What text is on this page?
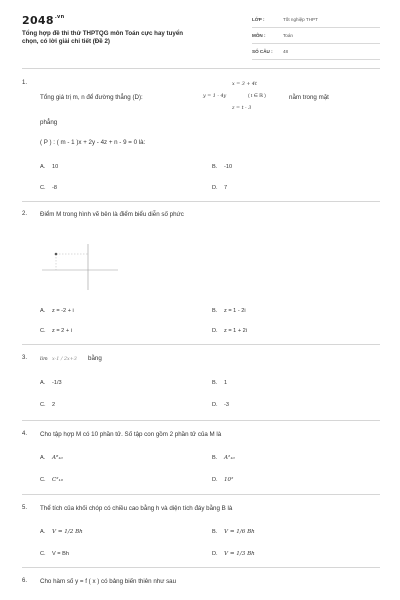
$2048^{.vn}$
Tổng hợp đề thi thử THPTQG môn Toán cực hay tuyển
chọn, có lời giải chi tiết (Đề 2)
LỚP :	Tốt nghiệp THPT
MÔN :	Toán
SỐ CÂU : 48
1.	x = 3 + 4t
Tổng giá trị m, n để đường thẳng (D):	y = 1 - 4y	( t ∈ ℝ )	nằm trong mặt
z = t - 3
phẳng
( P ) : ( m - 1 )x + 2y - 4z + n - 9 = 0 là:
A. 10	B. -10
C. -8	D. 7
2. Điểm M trong hình vẽ bên là điểm biểu diễn số phức
A. z = -2 + i	B. z = 1 - 2i
C. z = 2 + i	D. z = 1 + 2i
3.	lim x-1 / 2x+3 bằng
A. -1/3	B. 1
C. 2	D. -3
4. Cho tập hợp M có 10 phần tử. Số tập con gồm 2 phần tử của M là
A. A⁸₁₀	B. A²₁₀
C. C²₁₀	D. 10²
5. Thể tích của khối chóp có chiều cao bằng h và diện tích đáy bằng B là
A. V = 1/2 Bh	B. V = 1/6 Bh
C. V = Bh	D. V = 1/3 Bh
6. Cho hàm số y = f ( x ) có bảng biến thiên như sau
